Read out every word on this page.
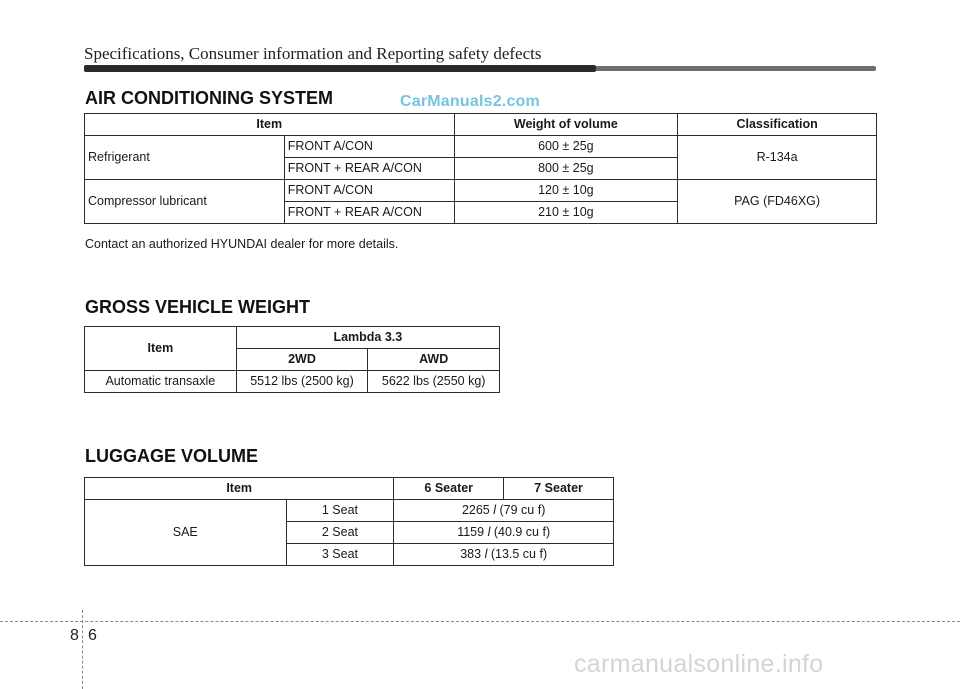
Specifications, Consumer information and Reporting safety defects
CarManuals2.com
AIR CONDITIONING SYSTEM
Item		Weight of volume	Classification
Refrigerant	FRONT A/CON	600 ± 25g	R-134a
	FRONT + REAR A/CON	800 ± 25g	
Compressor lubricant	FRONT A/CON	120 ± 10g	PAG (FD46XG)
	FRONT + REAR A/CON	210 ± 10g	
Contact an authorized HYUNDAI dealer for more details.
GROSS VEHICLE WEIGHT
Item	Lambda 3.3	
	2WD	AWD
Automatic transaxle	5512 lbs (2500 kg)	5622 lbs (2550 kg)
LUGGAGE VOLUME
Item		6 Seater	7 Seater
SAE	1 Seat	2265 l (79 cu f)	
	2 Seat	1159 l (40.9 cu f)	
	3 Seat	383 l (13.5 cu f)	
8 6
carmanualsonline.info
